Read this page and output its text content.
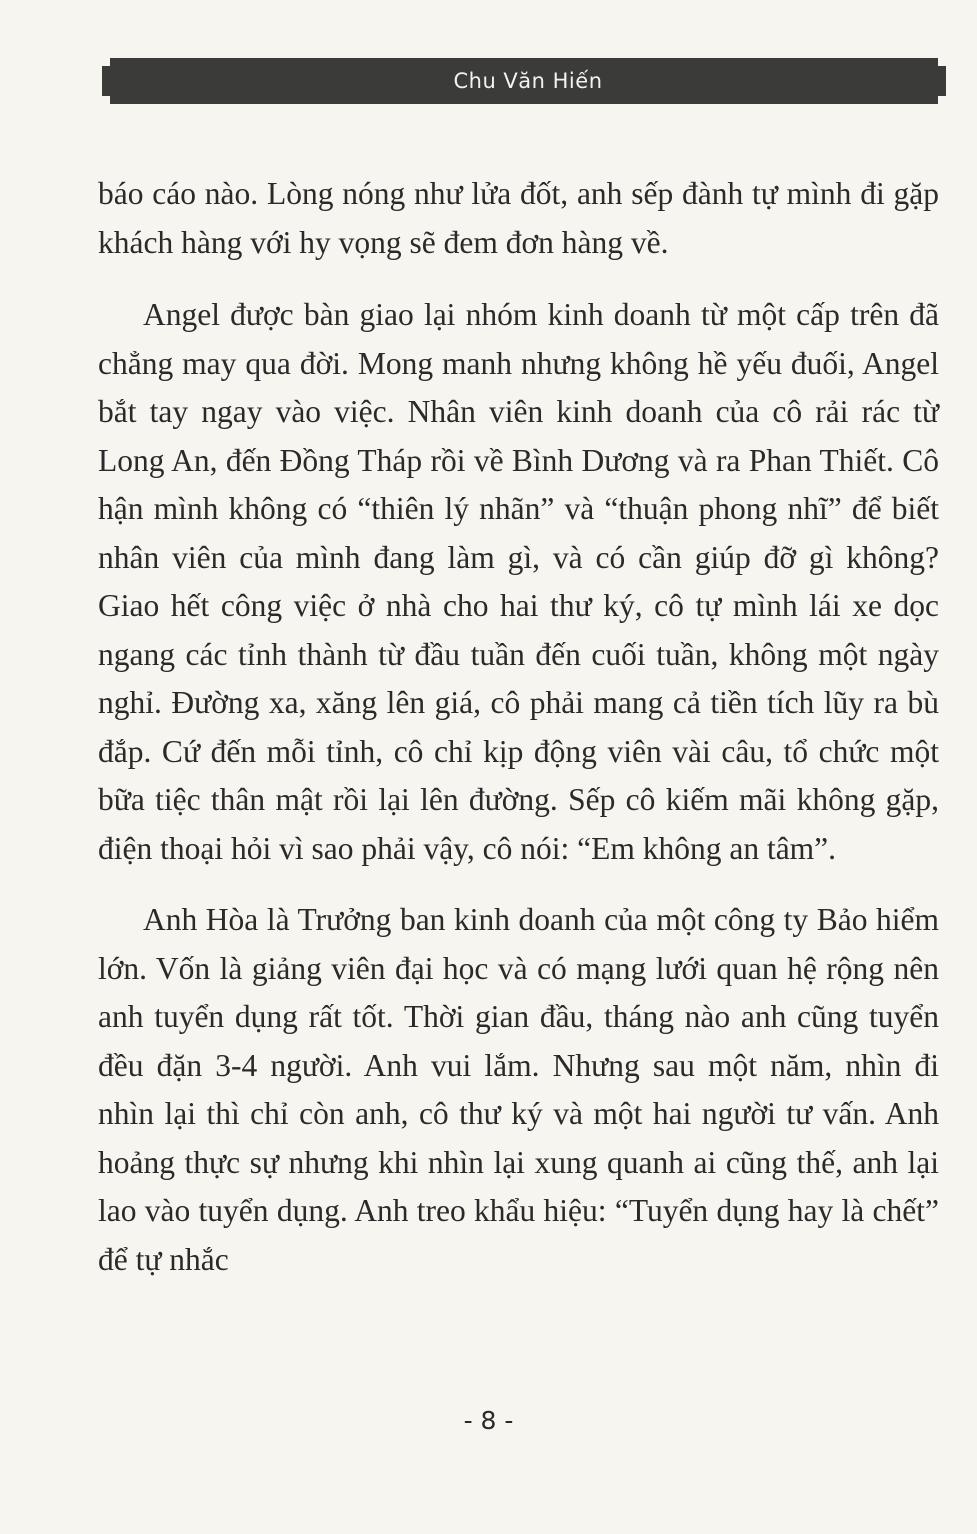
Chu Văn Hiến

báo cáo nào. Lòng nóng như lửa đốt, anh sếp đành tự mình đi gặp khách hàng với hy vọng sẽ đem đơn hàng về.

Angel được bàn giao lại nhóm kinh doanh từ một cấp trên đã chẳng may qua đời. Mong manh nhưng không hề yếu đuối, Angel bắt tay ngay vào việc. Nhân viên kinh doanh của cô rải rác từ Long An, đến Đồng Tháp rồi về Bình Dương và ra Phan Thiết. Cô hận mình không có “thiên lý nhãn” và “thuận phong nhĩ” để biết nhân viên của mình đang làm gì, và có cần giúp đỡ gì không? Giao hết công việc ở nhà cho hai thư ký, cô tự mình lái xe dọc ngang các tỉnh thành từ đầu tuần đến cuối tuần, không một ngày nghỉ. Đường xa, xăng lên giá, cô phải mang cả tiền tích lũy ra bù đắp. Cứ đến mỗi tỉnh, cô chỉ kịp động viên vài câu, tổ chức một bữa tiệc thân mật rồi lại lên đường. Sếp cô kiếm mãi không gặp, điện thoại hỏi vì sao phải vậy, cô nói: “Em không an tâm”.

Anh Hòa là Trưởng ban kinh doanh của một công ty Bảo hiểm lớn. Vốn là giảng viên đại học và có mạng lưới quan hệ rộng nên anh tuyển dụng rất tốt. Thời gian đầu, tháng nào anh cũng tuyển đều đặn 3-4 người. Anh vui lắm. Nhưng sau một năm, nhìn đi nhìn lại thì chỉ còn anh, cô thư ký và một hai người tư vấn. Anh hoảng thực sự nhưng khi nhìn lại xung quanh ai cũng thế, anh lại lao vào tuyển dụng. Anh treo khẩu hiệu: “Tuyển dụng hay là chết” để tự nhắc

- 8 -
